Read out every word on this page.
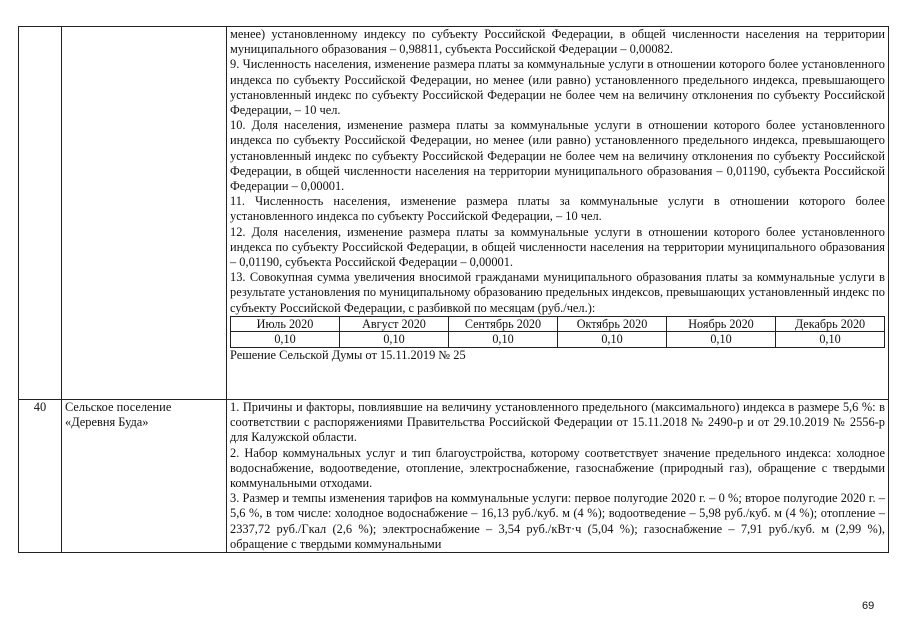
менее) установленному индексу по субъекту Российской Федерации, в общей численности населения на территории муниципального образования – 0,98811, субъекта Российской Федерации – 0,00082.
9. Численность населения, изменение размера платы за коммунальные услуги в отношении которого более установленного индекса по субъекту Российской Федерации, но менее (или равно) установленного предельного индекса, превышающего установленный индекс по субъекту Российской Федерации не более чем на величину отклонения по субъекту Российской Федерации, – 10 чел.
10. Доля населения, изменение размера платы за коммунальные услуги в отношении которого более установленного индекса по субъекту Российской Федерации, но менее (или равно) установленного предельного индекса, превышающего установленный индекс по субъекту Российской Федерации не более чем на величину отклонения по субъекту Российской Федерации, в общей численности населения на территории муниципального образования – 0,01190, субъекта Российской Федерации – 0,00001.
11. Численность населения, изменение размера платы за коммунальные услуги в отношении которого более установленного индекса по субъекту Российской Федерации, – 10 чел.
12. Доля населения, изменение размера платы за коммунальные услуги в отношении которого более установленного индекса по субъекту Российской Федерации, в общей численности населения на территории муниципального образования – 0,01190, субъекта Российской Федерации – 0,00001.
13. Совокупная сумма увеличения вносимой гражданами муниципального образования платы за коммунальные услуги в результате установления по муниципальному образованию предельных индексов, превышающих установленный индекс по субъекту Российской Федерации, с разбивкой по месяцам (руб./чел.):
Июль 2020	Август 2020	Сентябрь 2020	Октябрь 2020	Ноябрь 2020	Декабрь 2020
0,10	0,10	0,10	0,10	0,10	0,10
Решение Сельской Думы от 15.11.2019 № 25

40	Сельское поселение
«Деревня Буда»

1. Причины и факторы, повлиявшие на величину установленного предельного (максимального) индекса в размере 5,6 %: в соответствии с распоряжениями Правительства Российской Федерации от 15.11.2018 № 2490-р и от 29.10.2019 № 2556-р для Калужской области.
2. Набор коммунальных услуг и тип благоустройства, которому соответствует значение предельного индекса: холодное водоснабжение, водоотведение, отопление, электроснабжение, газоснабжение (природный газ), обращение с твердыми коммунальными отходами.
3. Размер и темпы изменения тарифов на коммунальные услуги: первое полугодие 2020 г. – 0 %; второе полугодие 2020 г. – 5,6 %, в том числе: холодное водоснабжение – 16,13 руб./куб. м (4 %); водоотведение – 5,98 руб./куб. м (4 %); отопление – 2337,72 руб./Гкал (2,6 %); электроснабжение – 3,54 руб./кВт·ч (5,04 %); газоснабжение – 7,91 руб./куб. м (2,99 %), обращение с твердыми коммунальными
69
